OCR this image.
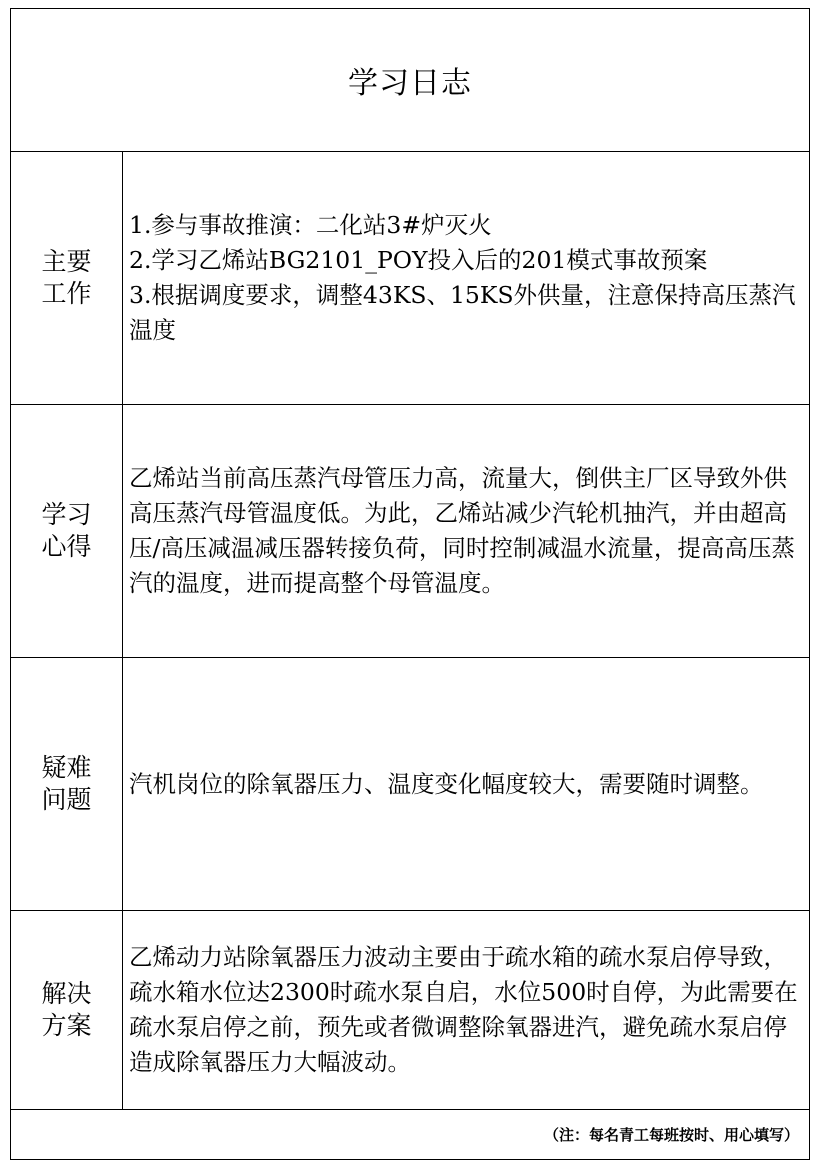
学习日志
主要工作
1.参与事故推演：二化站3#炉灭火
2.学习乙烯站BG2101_POY投入后的201模式事故预案
3.根据调度要求，调整43KS、15KS外供量，注意保持高压蒸汽温度
学习心得
乙烯站当前高压蒸汽母管压力高，流量大，倒供主厂区导致外供高压蒸汽母管温度低。为此，乙烯站减少汽轮机抽汽，并由超高压/高压减温减压器转接负荷，同时控制减温水流量，提高高压蒸汽的温度，进而提高整个母管温度。
疑难问题
汽机岗位的除氧器压力、温度变化幅度较大，需要随时调整。
解决方案
乙烯动力站除氧器压力波动主要由于疏水箱的疏水泵启停导致，疏水箱水位达2300时疏水泵自启，水位500时自停，为此需要在疏水泵启停之前，预先或者微调整除氧器进汽，避免疏水泵启停造成除氧器压力大幅波动。
（注：每名青工每班按时、用心填写）
